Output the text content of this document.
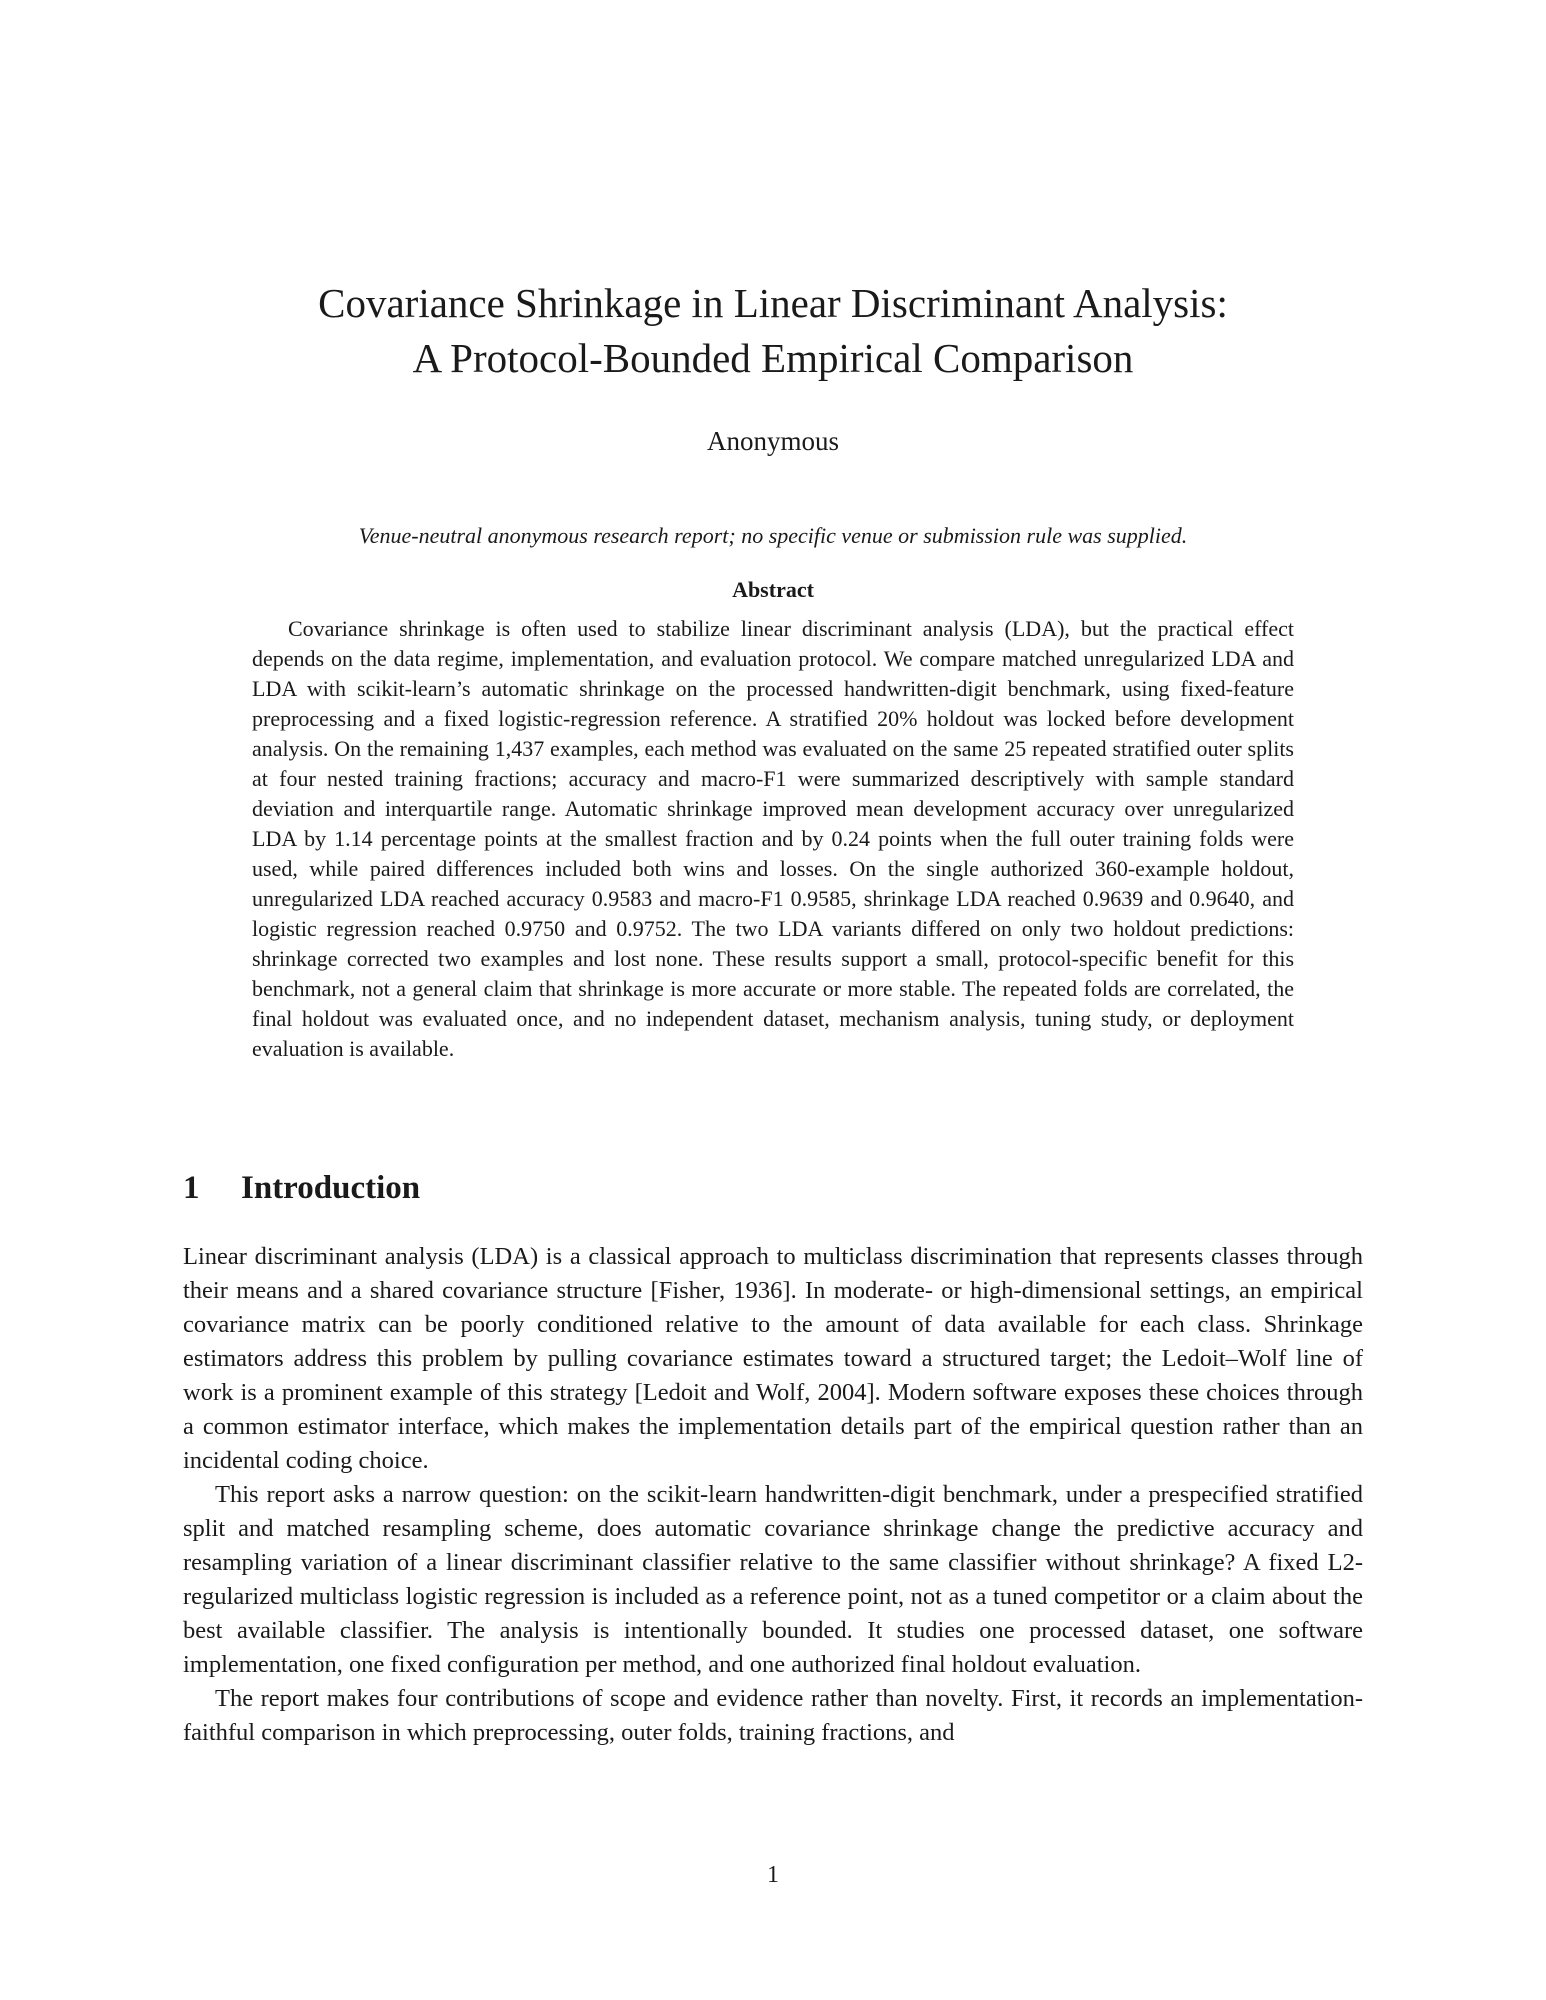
Covariance Shrinkage in Linear Discriminant Analysis:
A Protocol-Bounded Empirical Comparison
Anonymous
Venue-neutral anonymous research report; no specific venue or submission rule was supplied.
Abstract

Covariance shrinkage is often used to stabilize linear discriminant analysis (LDA), but the practical effect depends on the data regime, implementation, and evaluation protocol. We compare matched unregularized LDA and LDA with scikit-learn’s automatic shrinkage on the processed handwritten-digit benchmark, using fixed-feature preprocessing and a fixed logistic-regression reference. A stratified 20% holdout was locked before development analysis. On the remaining 1,437 examples, each method was evaluated on the same 25 repeated stratified outer splits at four nested training fractions; accuracy and macro-F1 were summarized descriptively with sample standard deviation and interquartile range. Automatic shrinkage improved mean development accuracy over unregularized LDA by 1.14 percentage points at the smallest fraction and by 0.24 points when the full outer training folds were used, while paired differences included both wins and losses. On the single authorized 360-example holdout, unregularized LDA reached accuracy 0.9583 and macro-F1 0.9585, shrinkage LDA reached 0.9639 and 0.9640, and logistic regression reached 0.9750 and 0.9752. The two LDA variants differed on only two holdout predictions: shrinkage corrected two examples and lost none. These results support a small, protocol-specific benefit for this benchmark, not a general claim that shrinkage is more accurate or more stable. The repeated folds are correlated, the final holdout was evaluated once, and no independent dataset, mechanism analysis, tuning study, or deployment evaluation is available.

1 Introduction

Linear discriminant analysis (LDA) is a classical approach to multiclass discrimination that represents classes through their means and a shared covariance structure [Fisher, 1936]. In moderate- or high-dimensional settings, an empirical covariance matrix can be poorly conditioned relative to the amount of data available for each class. Shrinkage estimators address this problem by pulling covariance estimates toward a structured target; the Ledoit–Wolf line of work is a prominent example of this strategy [Ledoit and Wolf, 2004]. Modern software exposes these choices through a common estimator interface, which makes the implementation details part of the empirical question rather than an incidental coding choice.

This report asks a narrow question: on the scikit-learn handwritten-digit benchmark, under a prespecified stratified split and matched resampling scheme, does automatic covariance shrinkage change the predictive accuracy and resampling variation of a linear discriminant classifier relative to the same classifier without shrinkage? A fixed L2-regularized multiclass logistic regression is included as a reference point, not as a tuned competitor or a claim about the best available classifier. The analysis is intentionally bounded. It studies one processed dataset, one software implementation, one fixed configuration per method, and one authorized final holdout evaluation.

The report makes four contributions of scope and evidence rather than novelty. First, it records an implementation-faithful comparison in which preprocessing, outer folds, training fractions, and

1
